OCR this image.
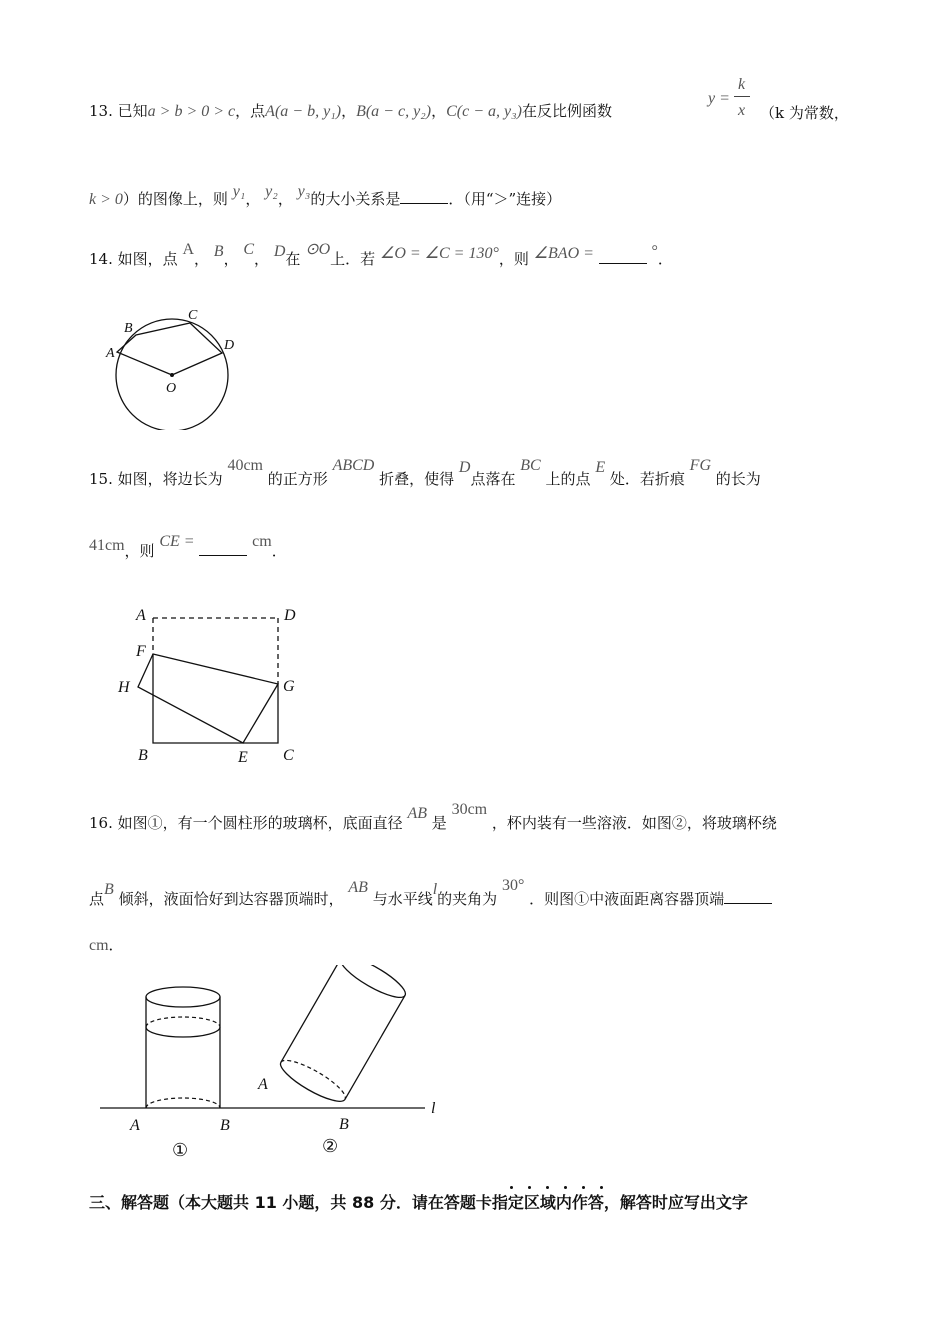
13. 已知a > b > 0 > c，点A(a − b, y₁)，B(a − c, y₂)，C(c − a, y₃)在反比例函数
y =
k
x （k 为常数，
k > 0）的图像上，则 y₁， y₂， y₃的大小关系是	．（用“＞”连接）
14. 如图，点 A， B， C， D在 ⊙O上．若 ∠O = ∠C = 130°，则 ∠BAO =	°．
A
B
C
D
O
15. 如图，将边长为 40cm 的正方形 ABCD 折叠，使得 D点落在 BC 上的点 E 处．若折痕 FG 的长为
41cm，则 CE =	cm．
A	D
F
H	G
B	E C
16. 如图①，有一个圆柱形的玻璃杯，底面直径 AB 是 30cm ，杯内装有一些溶液．如图②，将玻璃杯绕
点B 倾斜，液面恰好到达容器顶端时， AB 与水平线l的夹角为 30° ．则图①中液面距离容器顶端
cm．
A	B
A
B
l
①	②
三、解答题（本大题共 11 小题，共 88 分．请在答题卡指定区域内作答，解答时应写出文字
